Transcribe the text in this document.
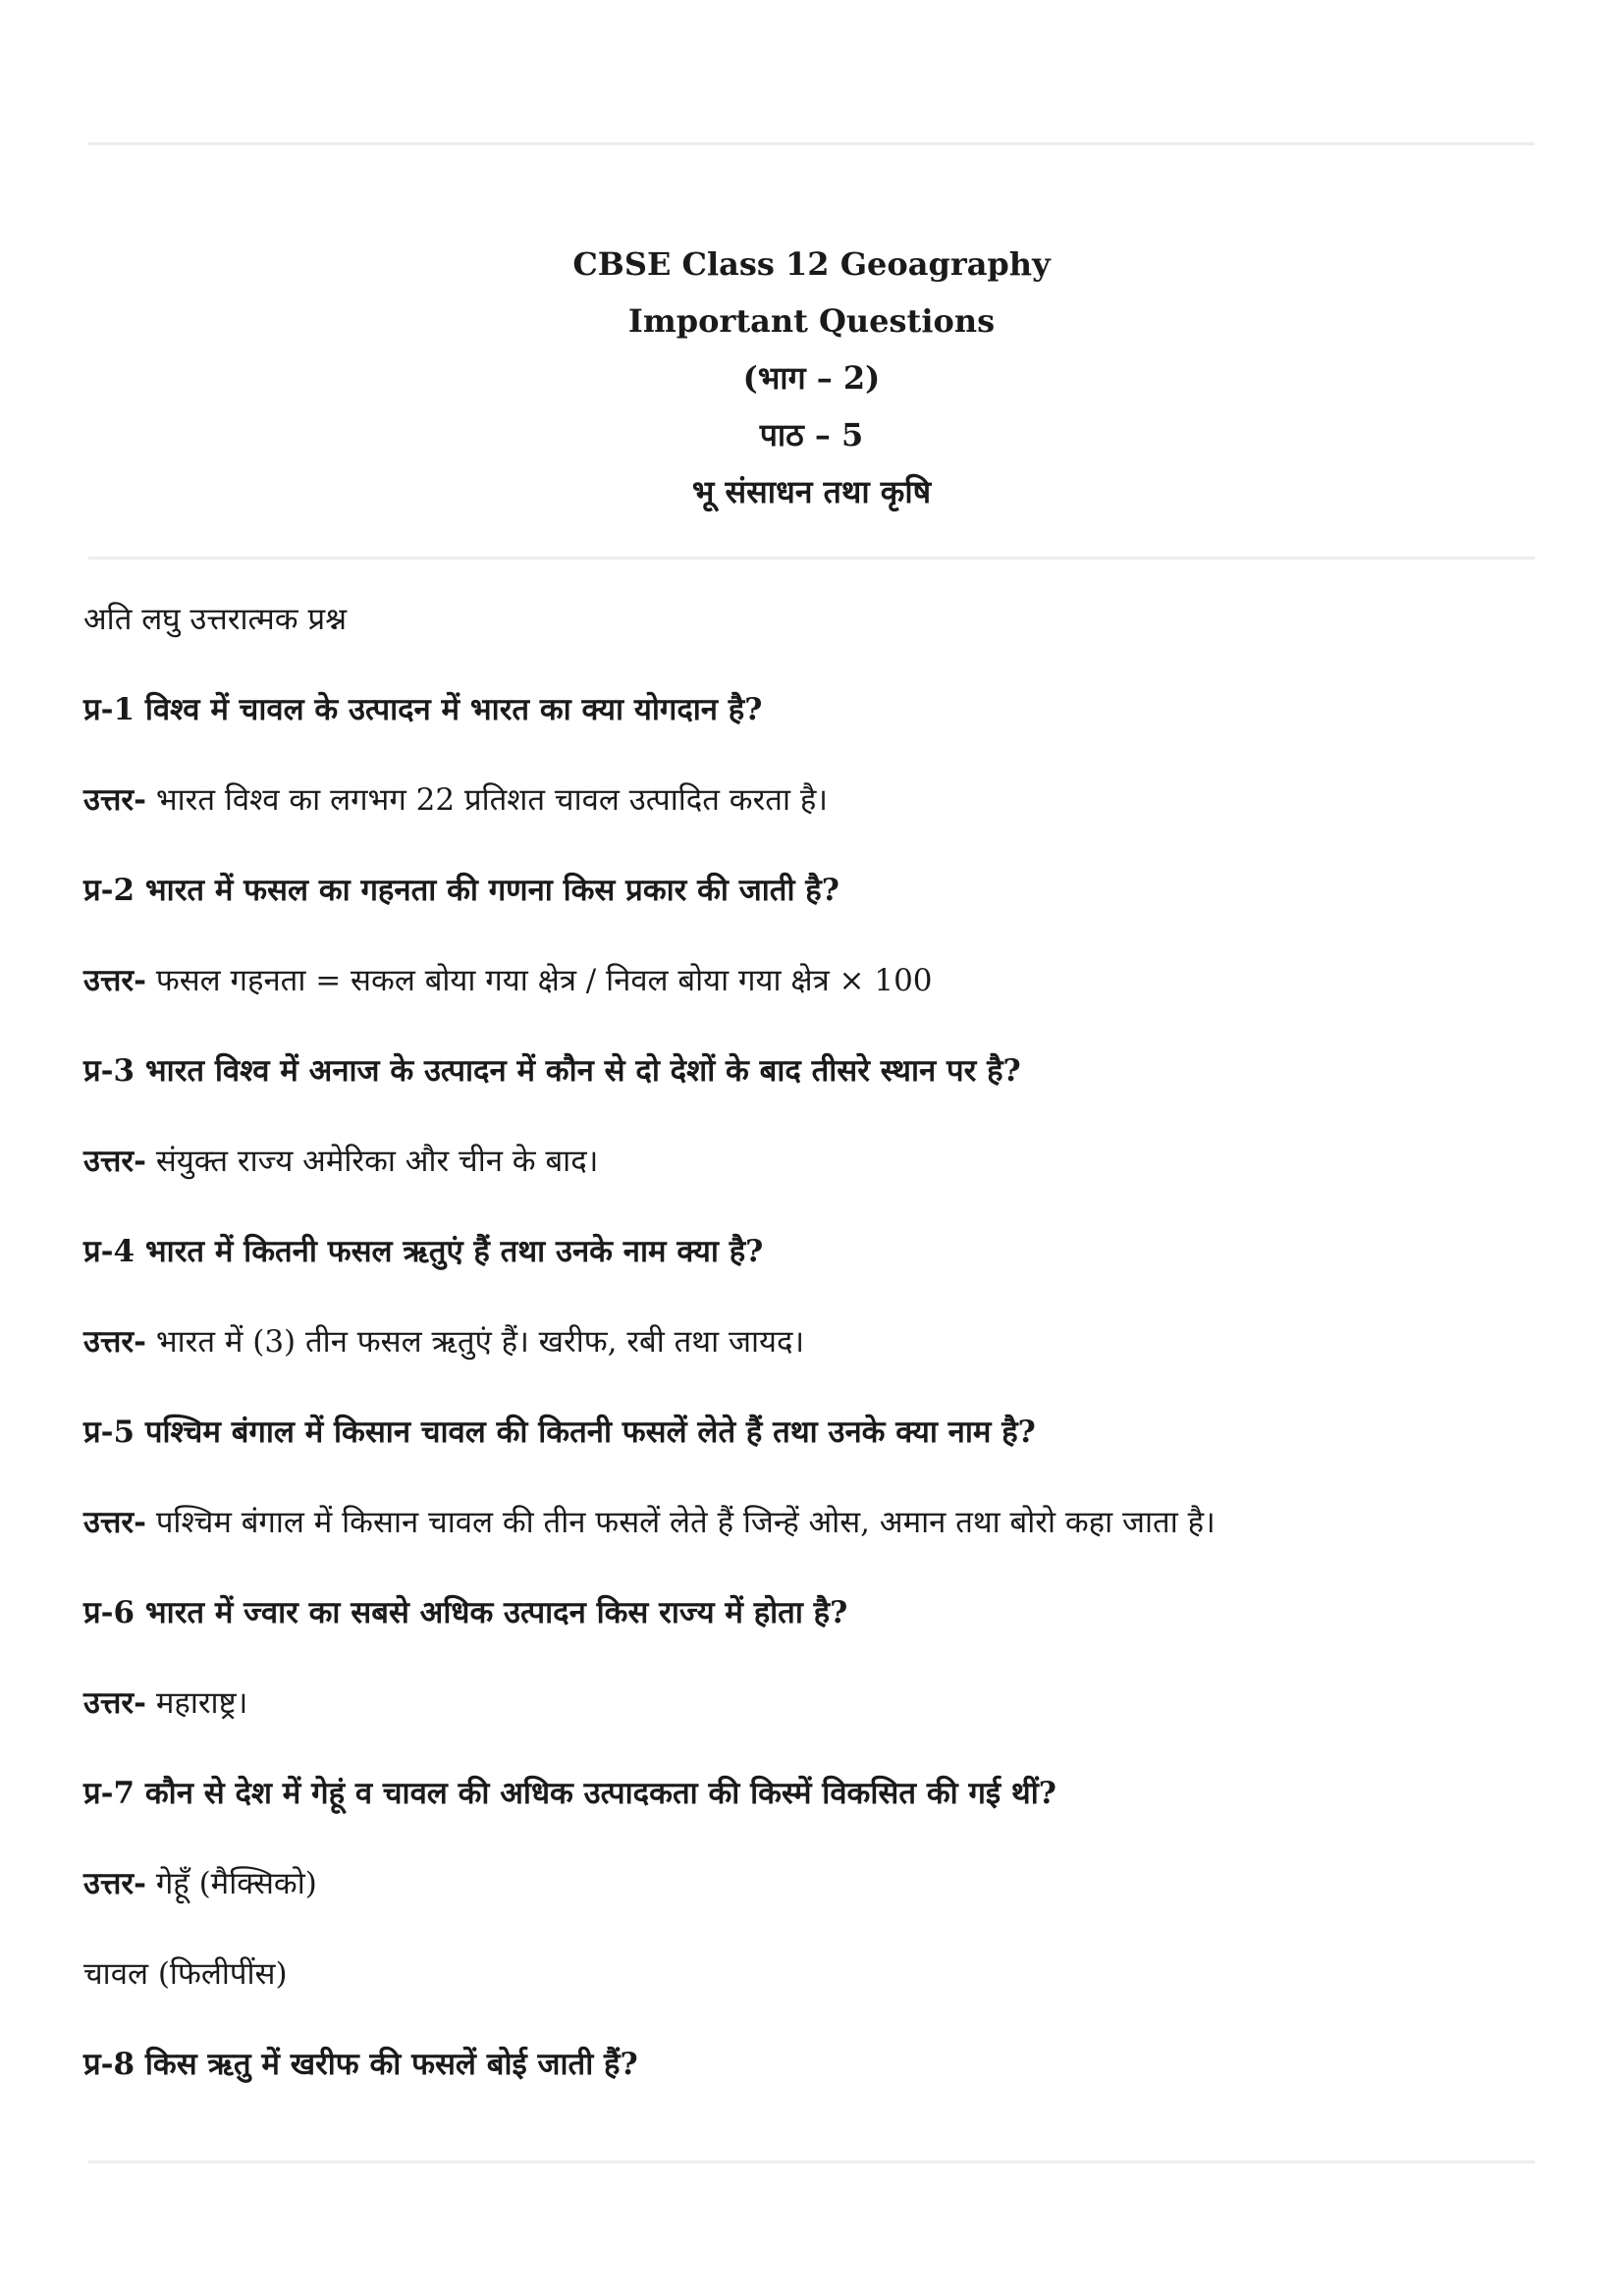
CBSE Class 12 Geoagraphy
Important Questions
(भाग – 2)
पाठ – 5
भू संसाधन तथा कृषि
अति लघु उत्तरात्मक प्रश्न
प्र-1 विश्व में चावल के उत्पादन में भारत का क्या योगदान है?
उत्तर- भारत विश्व का लगभग 22 प्रतिशत चावल उत्पादित करता है।
प्र-2 भारत में फसल का गहनता की गणना किस प्रकार की जाती है?
उत्तर- फसल गहनता = सकल बोया गया क्षेत्र / निवल बोया गया क्षेत्र × 100
प्र-3 भारत विश्व में अनाज के उत्पादन में कौन से दो देशों के बाद तीसरे स्थान पर है?
उत्तर- संयुक्त राज्य अमेरिका और चीन के बाद।
प्र-4 भारत में कितनी फसल ऋतुएं हैं तथा उनके नाम क्या है?
उत्तर- भारत में (3) तीन फसल ऋतुएं हैं। खरीफ, रबी तथा जायद।
प्र-5 पश्चिम बंगाल में किसान चावल की कितनी फसलें लेते हैं तथा उनके क्या नाम है?
उत्तर- पश्चिम बंगाल में किसान चावल की तीन फसलें लेते हैं जिन्हें ओस, अमान तथा बोरो कहा जाता है।
प्र-6 भारत में ज्वार का सबसे अधिक उत्पादन किस राज्य में होता है?
उत्तर- महाराष्ट्र।
प्र-7 कौन से देश में गेहूं व चावल की अधिक उत्पादकता की किस्में विकसित की गई थीं?
उत्तर- गेहूँ (मैक्सिको)
चावल (फिलीपींस)
प्र-8 किस ऋतु में खरीफ की फसलें बोई जाती हैं?
